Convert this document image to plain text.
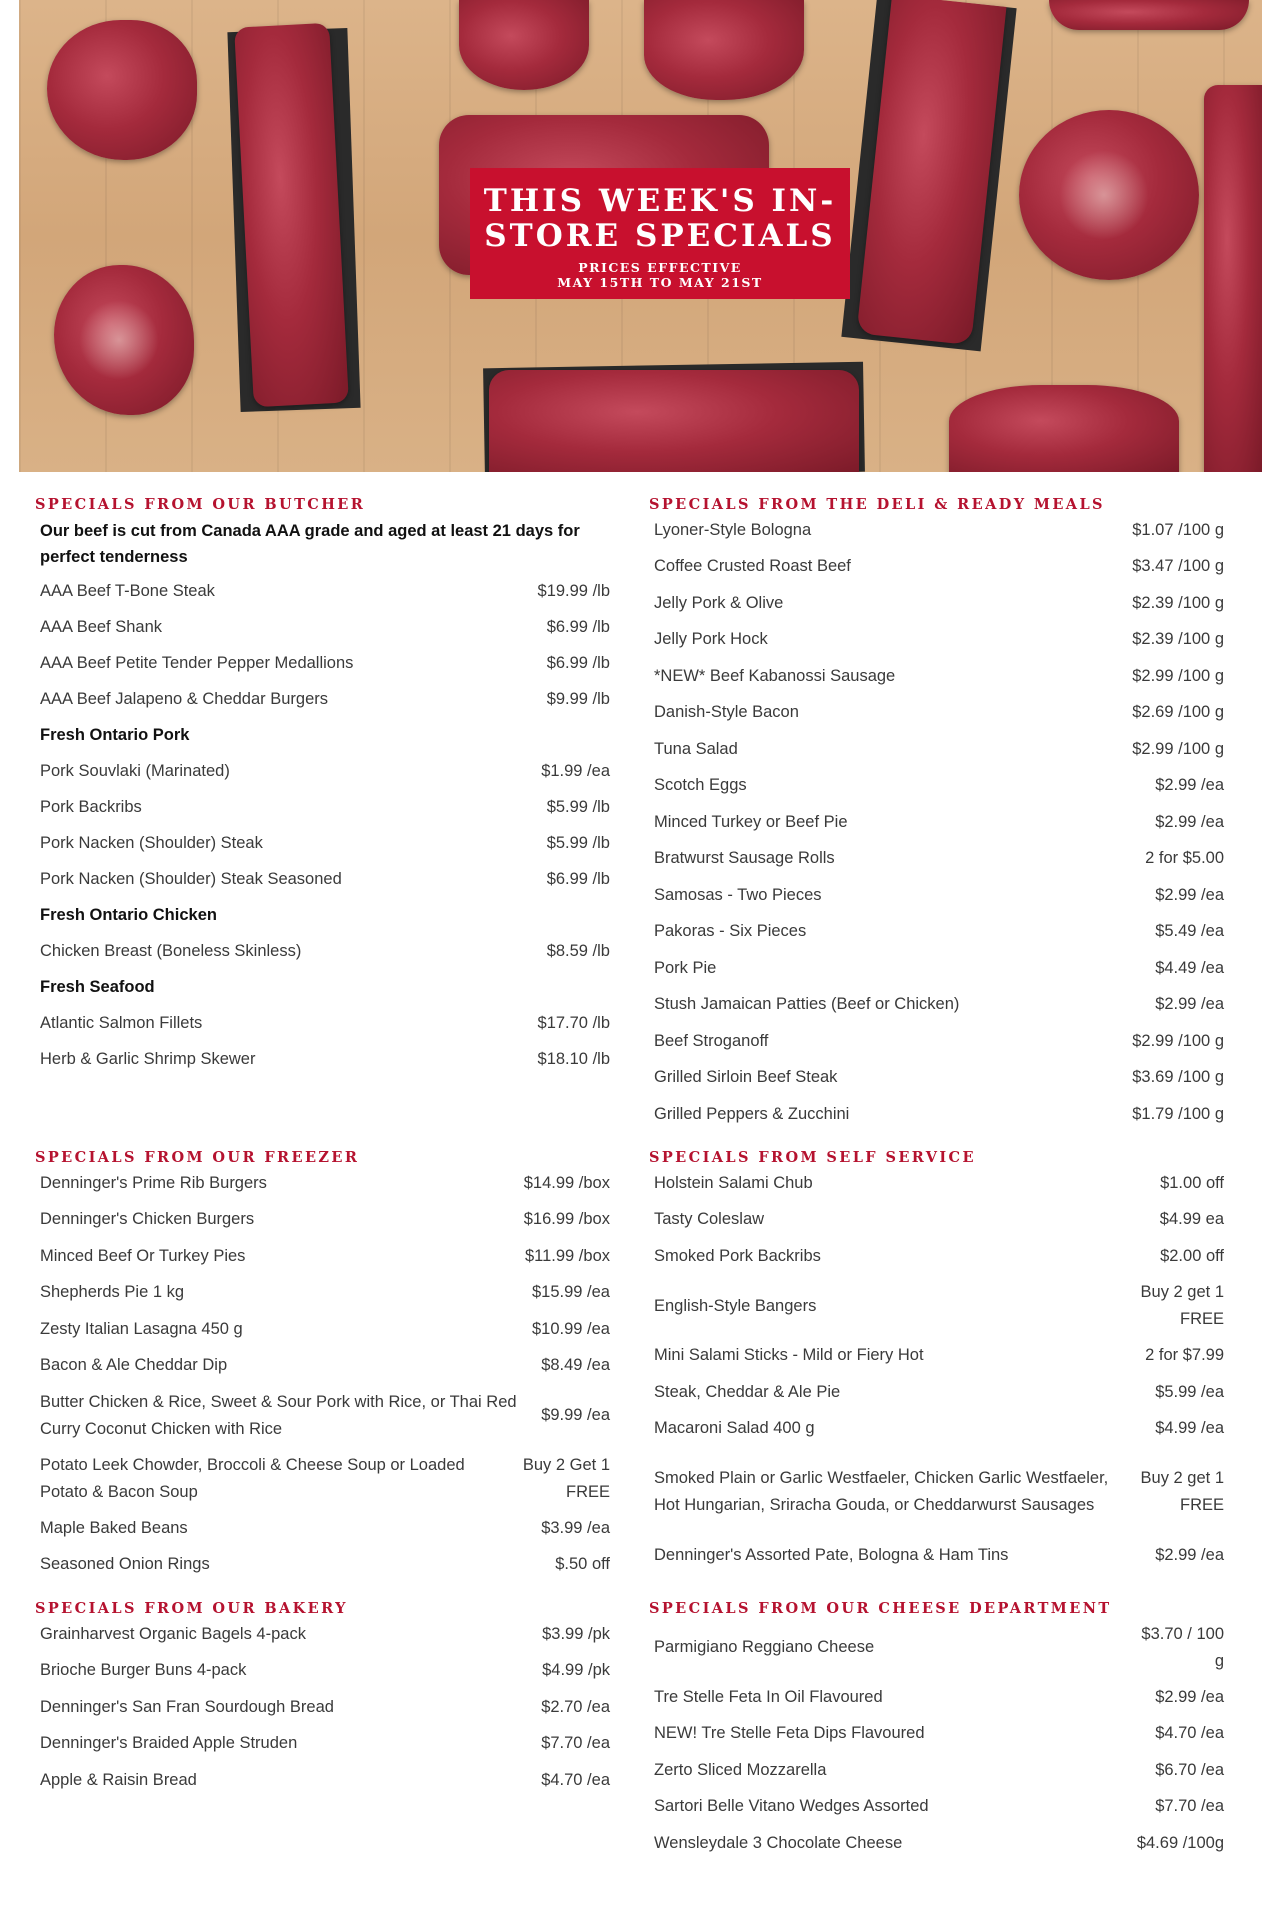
THIS WEEK'S IN-
STORE SPECIALS
PRICES EFFECTIVE
MAY 15TH TO MAY 21ST
SPECIALS FROM OUR BUTCHER
Our beef is cut from Canada AAA grade and aged at least 21 days for perfect tenderness
AAA Beef T-Bone Steak	$19.99 /lb
AAA Beef Shank	$6.99 /lb
AAA Beef Petite Tender Pepper Medallions	$6.99 /lb
AAA Beef Jalapeno & Cheddar Burgers	$9.99 /lb
Fresh Ontario Pork
Pork Souvlaki (Marinated)	$1.99 /ea
Pork Backribs	$5.99 /lb
Pork Nacken (Shoulder) Steak	$5.99 /lb
Pork Nacken (Shoulder) Steak Seasoned	$6.99 /lb
Fresh Ontario Chicken
Chicken Breast (Boneless Skinless)	$8.59 /lb
Fresh Seafood
Atlantic Salmon Fillets	$17.70 /lb
Herb & Garlic Shrimp Skewer	$18.10 /lb
SPECIALS FROM THE DELI & READY MEALS
Lyoner-Style Bologna	$1.07 /100 g
Coffee Crusted Roast Beef	$3.47 /100 g
Jelly Pork & Olive	$2.39 /100 g
Jelly Pork Hock	$2.39 /100 g
*NEW* Beef Kabanossi Sausage	$2.99 /100 g
Danish-Style Bacon	$2.69 /100 g
Tuna Salad	$2.99 /100 g
Scotch Eggs	$2.99 /ea
Minced Turkey or Beef Pie	$2.99 /ea
Bratwurst Sausage Rolls	2 for $5.00
Samosas - Two Pieces	$2.99 /ea
Pakoras - Six Pieces	$5.49 /ea
Pork Pie	$4.49 /ea
Stush Jamaican Patties (Beef or Chicken)	$2.99 /ea
Beef Stroganoff	$2.99 /100 g
Grilled Sirloin Beef Steak	$3.69 /100 g
Grilled Peppers & Zucchini	$1.79 /100 g
SPECIALS FROM OUR FREEZER
Denninger's Prime Rib Burgers	$14.99 /box
Denninger's Chicken Burgers	$16.99 /box
Minced Beef Or Turkey Pies	$11.99 /box
Shepherds Pie 1 kg	$15.99 /ea
Zesty Italian Lasagna 450 g	$10.99 /ea
Bacon & Ale Cheddar Dip	$8.49 /ea
Butter Chicken & Rice, Sweet & Sour Pork with Rice, or Thai Red Curry Coconut Chicken with Rice
$9.99 /ea
Potato Leek Chowder, Broccoli & Cheese Soup or Loaded Potato & Bacon Soup
Buy 2 Get 1 FREE
Maple Baked Beans	$3.99 /ea
Seasoned Onion Rings	$.50 off
SPECIALS FROM SELF SERVICE
Holstein Salami Chub	$1.00 off
Tasty Coleslaw	$4.99 ea
Smoked Pork Backribs	$2.00 off
English-Style Bangers
Buy 2 get 1 FREE
Mini Salami Sticks - Mild or Fiery Hot	2 for $7.99
Steak, Cheddar & Ale Pie	$5.99 /ea
Macaroni Salad 400 g	$4.99 /ea
Smoked Plain or Garlic Westfaeler, Chicken Garlic Westfaeler, Hot Hungarian, Sriracha Gouda, or Cheddarwurst Sausages
Buy 2 get 1 FREE
Denninger's Assorted Pate, Bologna & Ham Tins	$2.99 /ea
SPECIALS FROM OUR BAKERY
Grainharvest Organic Bagels 4-pack	$3.99 /pk
Brioche Burger Buns 4-pack	$4.99 /pk
Denninger's San Fran Sourdough Bread	$2.70 /ea
Denninger's Braided Apple Struden	$7.70 /ea
Apple & Raisin Bread	$4.70 /ea
SPECIALS FROM OUR CHEESE DEPARTMENT
Parmigiano Reggiano Cheese
$3.70 / 100 g
Tre Stelle Feta In Oil Flavoured	$2.99 /ea
NEW! Tre Stelle Feta Dips Flavoured	$4.70 /ea
Zerto Sliced Mozzarella	$6.70 /ea
Sartori Belle Vitano Wedges Assorted	$7.70 /ea
Wensleydale 3 Chocolate Cheese	$4.69 /100g
